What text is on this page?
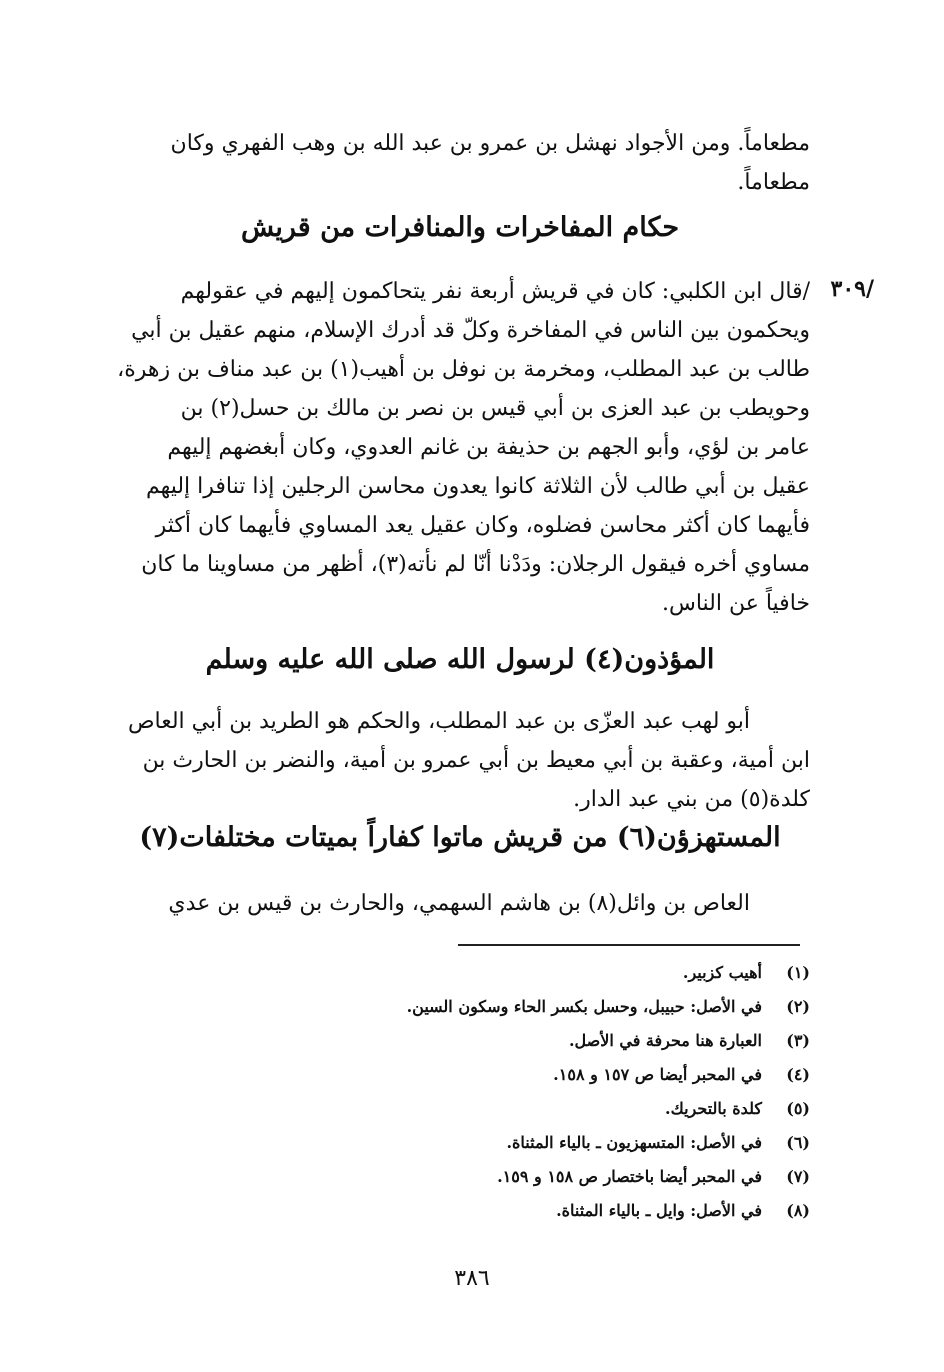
مطعاماً. ومن الأجواد نهشل بن عمرو بن عبد الله بن وهب الفهري وكان
مطعاماً.
حكام المفاخرات والمنافرات من قريش
/٣٠٩
/قال ابن الكلبي: كان في قريش أربعة نفر يتحاكمون إليهم في عقولهم
ويحكمون بين الناس في المفاخرة وكلّ قد أدرك الإسلام، منهم عقيل بن أبي
طالب بن عبد المطلب، ومخرمة بن نوفل بن أهيب(١) بن عبد مناف بن زهرة،
وحويطب بن عبد العزى بن أبي قيس بن نصر بن مالك بن حسل(٢) بن
عامر بن لؤي، وأبو الجهم بن حذيفة بن غانم العدوي، وكان أبغضهم إليهم
عقيل بن أبي طالب لأن الثلاثة كانوا يعدون محاسن الرجلين إذا تنافرا إليهم
فأيهما كان أكثر محاسن فضلوه، وكان عقيل يعد المساوي فأيهما كان أكثر
مساوي أخره فيقول الرجلان: ودَدْنا أنّا لم نأته(٣)، أظهر من مساوينا ما كان
خافياً عن الناس.
المؤذون(٤) لرسول الله صلى الله عليه وسلم
أبو لهب عبد العزّى بن عبد المطلب، والحكم هو الطريد بن أبي العاص
ابن أمية، وعقبة بن أبي معيط بن أبي عمرو بن أمية، والنضر بن الحارث بن
كلدة(٥) من بني عبد الدار.
المستهزؤن(٦) من قريش ماتوا كفاراً بميتات مختلفات(٧)
العاص بن وائل(٨) بن هاشم السهمي، والحارث بن قيس بن عدي
(١)
أهيب كزبير.
(٢)
في الأصل: حبيبل، وحسل بكسر الحاء وسكون السين.
(٣)
العبارة هنا محرفة في الأصل.
(٤)
في المحبر أيضا ص ١٥٧ و ١٥٨.
(٥)
كلدة بالتحريك.
(٦)
في الأصل: المتسهزيون ـ بالياء المثناة.
(٧)
في المحبر أيضا باختصار ص ١٥٨ و ١٥٩.
(٨)
في الأصل: وايل ـ بالياء المثناة.
٣٨٦
